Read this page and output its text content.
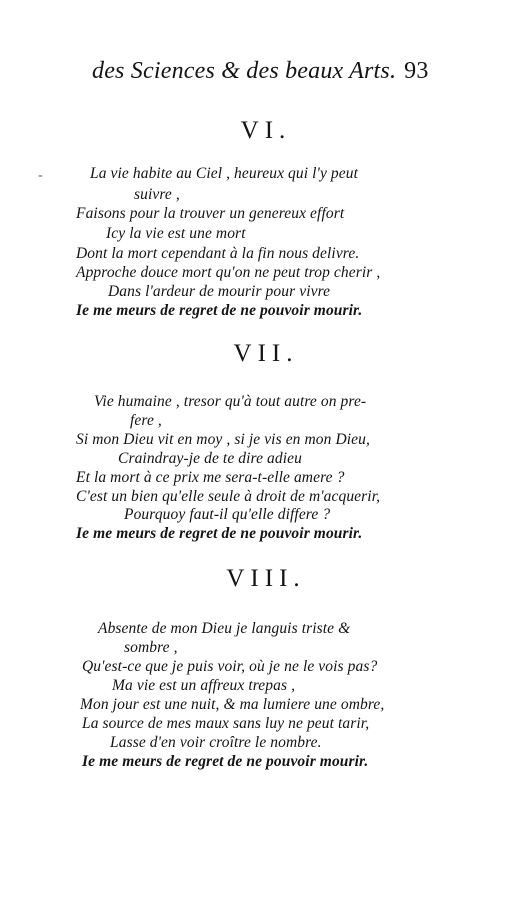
des Sciences & des beaux Arts. 93
-
VI.
La vie habite au Ciel , heureux qui l'y peut
suivre ,
Faisons pour la trouver un genereux effort
Icy la vie est une mort
Dont la mort cependant à la fin nous delivre.
Approche douce mort qu'on ne peut trop cherir ,
Dans l'ardeur de mourir pour vivre
Ie me meurs de regret de ne pouvoir mourir.
VII.
Vie humaine , tresor qu'à tout autre on pre-
fere ,
Si mon Dieu vit en moy , si je vis en mon Dieu,
Craindray-je de te dire adieu
Et la mort à ce prix me sera-t-elle amere ?
C'est un bien qu'elle seule à droit de m'acquerir,
Pourquoy faut-il qu'elle differe ?
Ie me meurs de regret de ne pouvoir mourir.
VIII.
Absente de mon Dieu je languis triste &
sombre ,
Qu'est-ce que je puis voir, où je ne le vois pas?
Ma vie est un affreux trepas ,
Mon jour est une nuit, & ma lumiere une ombre,
La source de mes maux sans luy ne peut tarir,
Lasse d'en voir croître le nombre.
Ie me meurs de regret de ne pouvoir mourir.
